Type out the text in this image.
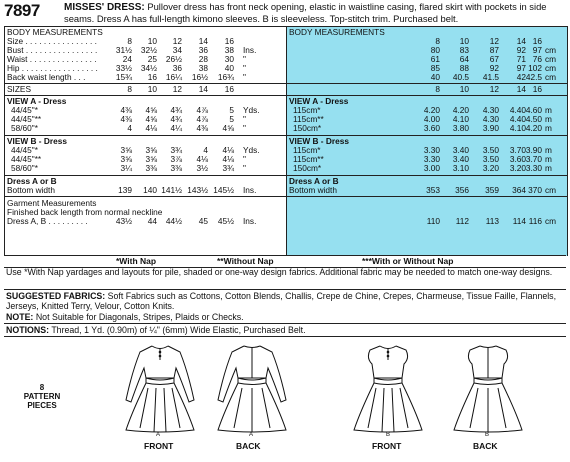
7897 MISSES' DRESS: Pullover dress has front neck opening, elastic in waistline casing, flared skirt with pockets in side seams. Dress A has full-length kimono sleeves. B is sleeveless. Top-stitch trim. Purchased belt.
BODY MEASUREMENTS
Size . . . . . . . . . . . . . . . .	8 10 12 14 16
Bust . . . . . . . . . . . . . . . . 31½ 32½ 34 36 38 Ins.
Waist . . . . . . . . . . . . . . .	24 25 26½ 28 30 "
Hip . . . . . . . . . . . . . . . . . 33½ 34½ 36 38 40 "
Back waist length . . .	15¾ 16 16¼ 16½ 16¾ "
SIZES	8 10 12 14 16
VIEW A - Dress
44/45"*	4⅜ 4⅝ 4¾ 4⅞	5 Yds.
44/45"**	4⅜ 4⅝ 4¾ 4⅞	5 "
58/60"*	4 4⅛ 4¼ 4⅜ 4⅝ "
VIEW B - Dress
44/45"*	3⅝ 3⅝ 3¾	4 4⅛ Yds.
44/45"**	3⅝ 3⅝ 3⅞ 4⅛ 4⅛ "
58/60"*	3¼ 3⅜ 3⅜ 3½ 3¾ "
Dress A or B
Bottom width	139 140 141½ 143½ 145½ Ins.
Garment Measurements
Finished back length from normal neckline
Dress A, B . . . . . . . . .	43½ 44 44½ 45 45½ Ins.
BODY MEASUREMENTS
8 10	12 14 16
80 83	87 92 97 cm
61 64	67 71 76 cm
85 88	92 97 102 cm
40 40.5 41.5 42 42.5 cm
8 10	12 14 16
VIEW A - Dress
115cm*	4.20 4.20 4.30 4.40 4.60 m
115cm**	4.00 4.10 4.30 4.40 4.50 m
150cm*	3.60 3.80 3.90 4.10 4.20 m
VIEW B - Dress
115cm*	3.30 3.40 3.50 3.70 3.90 m
115cm**	3.30 3.40 3.50 3.60 3.70 m
150cm*	3.00 3.10 3.20 3.20 3.30 m
Dress A or B
Bottom width	353 356 359 364 370 cm
110 112 113 114 116 cm
*With Nap	**Without Nap	***With or Without Nap
Use *With Nap yardages and layouts for pile, shaded or one-way design fabrics. Additional fabric may be needed to match one-way designs.
SUGGESTED FABRICS: Soft Fabrics such as Cottons, Cotton Blends, Challis, Crepe de Chine, Crepes, Charmeuse, Tissue Faille, Flannels, Jerseys, Knitted Terry, Velour, Cotton Knits.
NOTE: Not Suitable for Diagonals, Stripes, Plaids or Checks.
NOTIONS: Thread, 1 Yd. (0.90m) of ¼" (6mm) Wide Elastic, Purchased Belt.
8
PATTERN
PIECES
A	A	B	B
FRONT	BACK	FRONT	BACK
